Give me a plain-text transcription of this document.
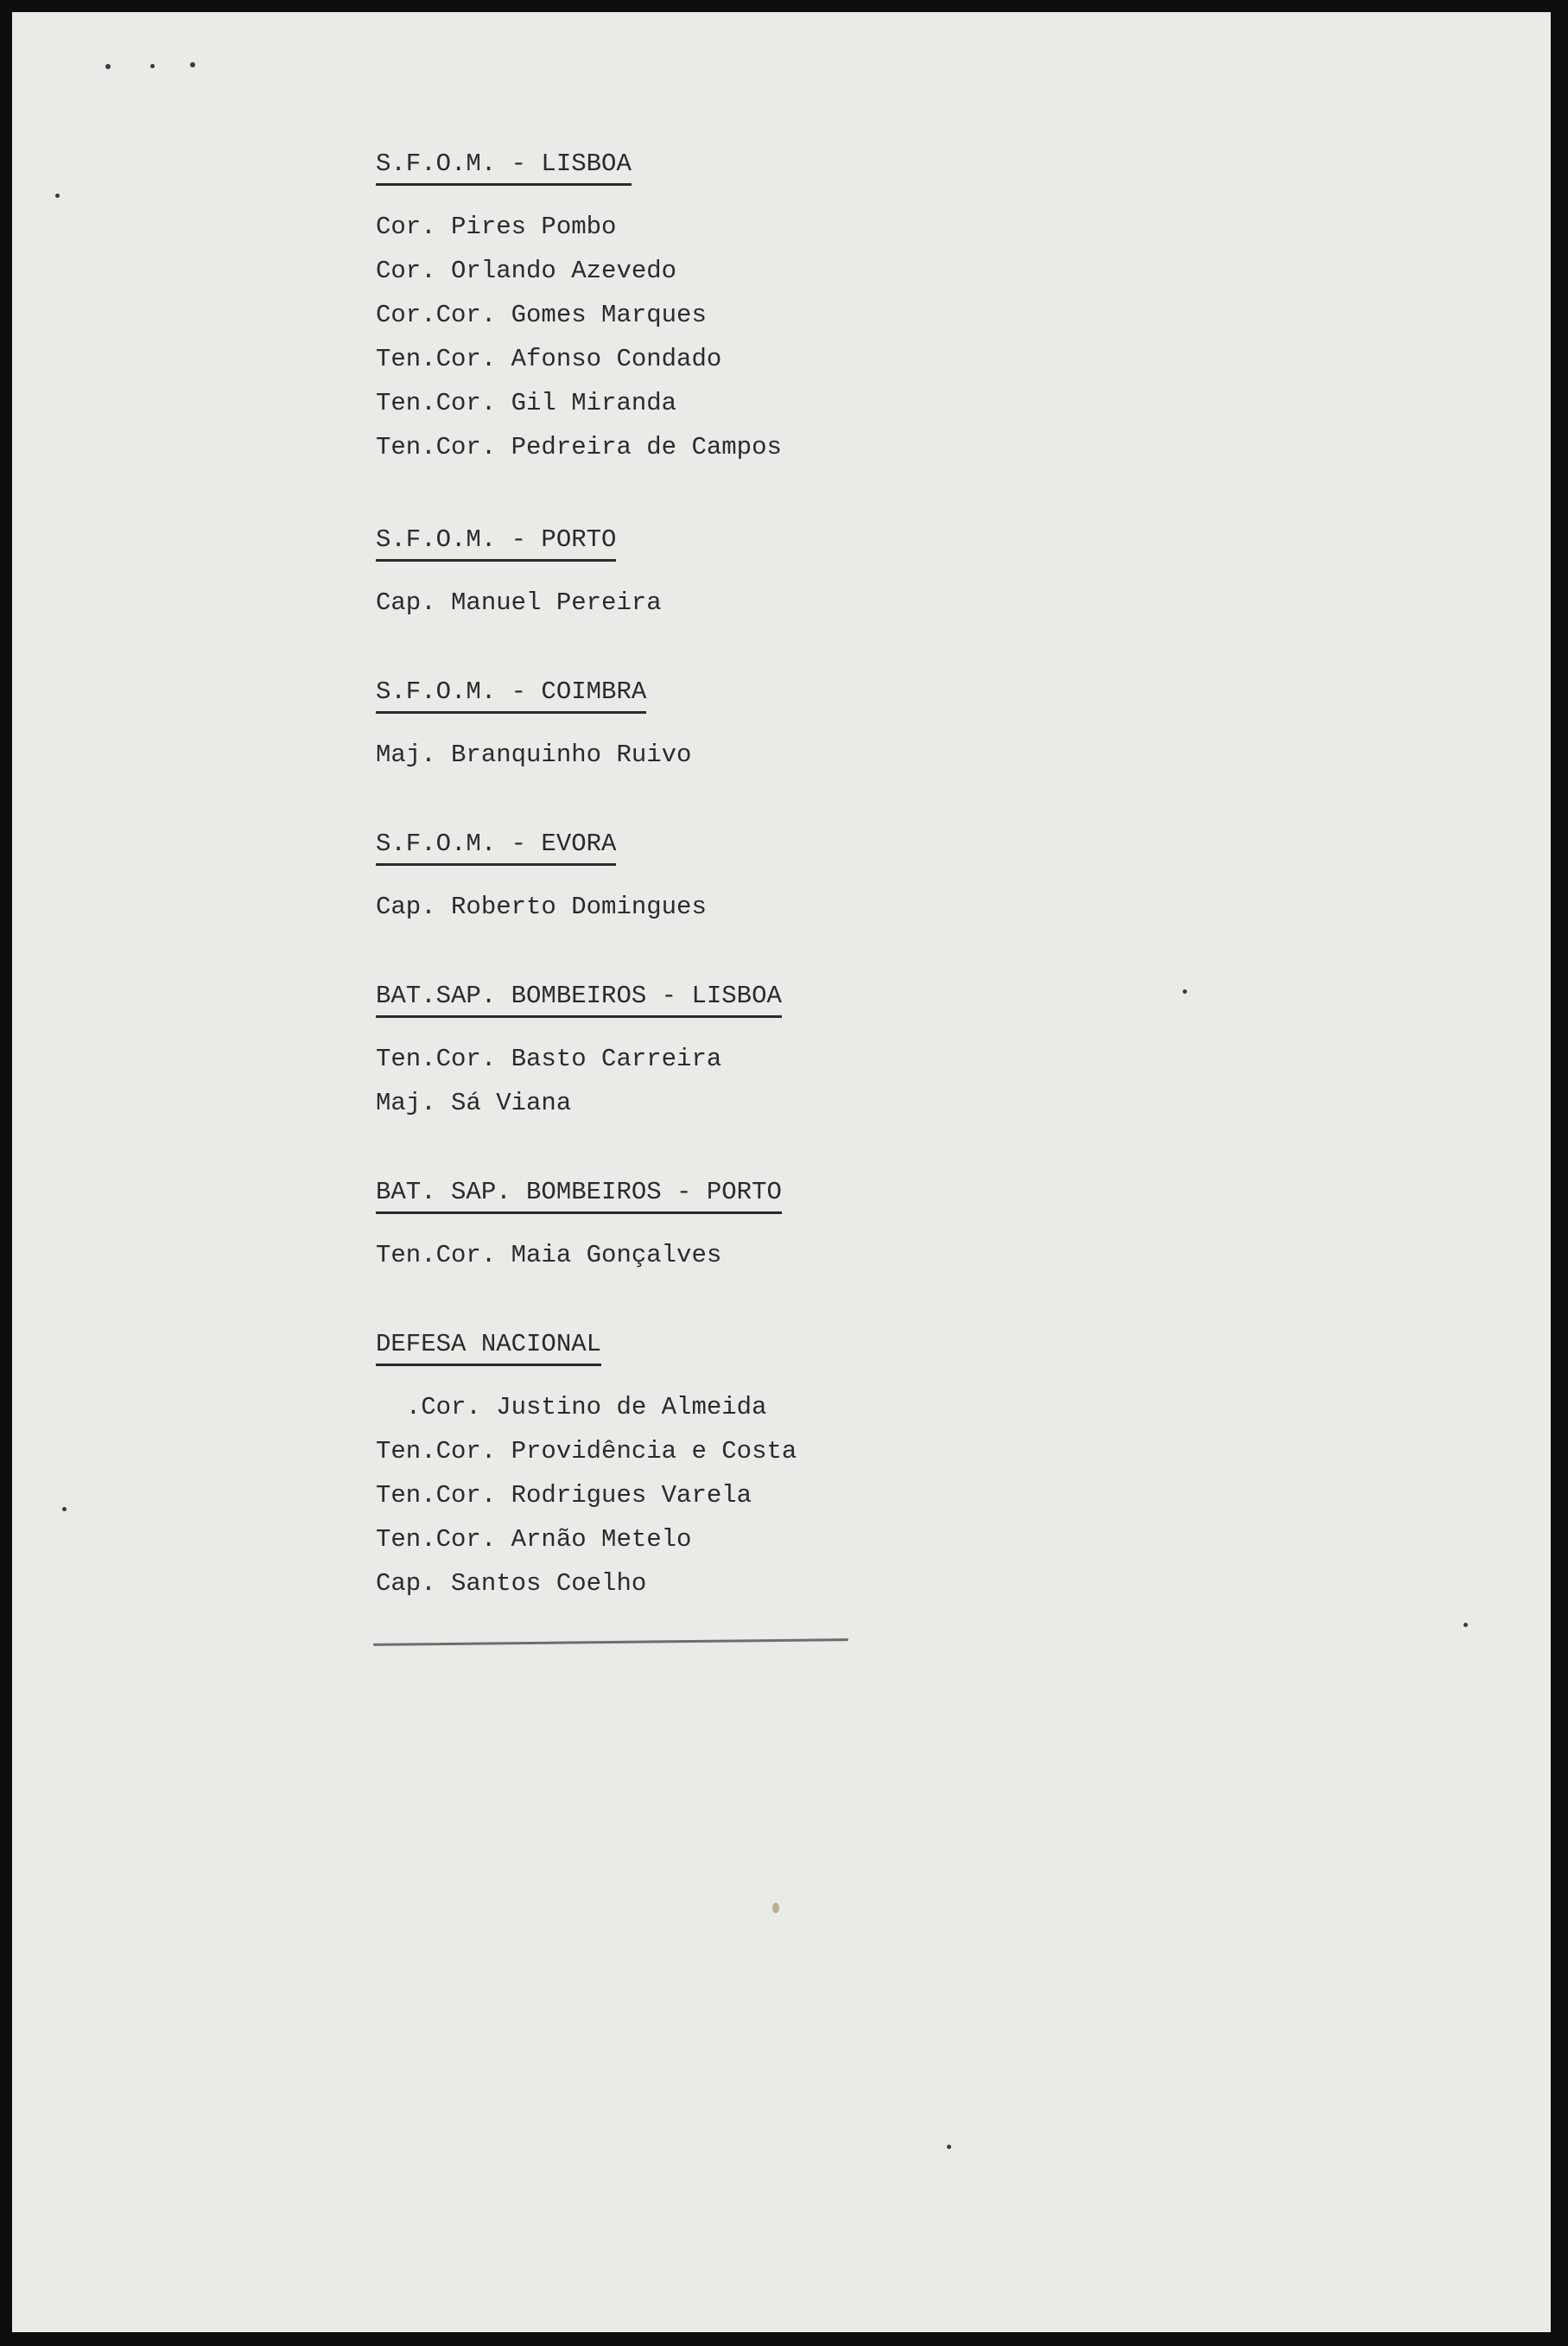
S.F.O.M. - LISBOA
Cor. Pires Pombo
Cor. Orlando Azevedo
Cor.Cor. Gomes Marques
Ten.Cor. Afonso Condado
Ten.Cor. Gil Miranda
Ten.Cor. Pedreira de Campos
S.F.O.M. - PORTO
Cap. Manuel Pereira
S.F.O.M. - COIMBRA
Maj. Branquinho Ruivo
S.F.O.M. - EVORA
Cap. Roberto Domingues
BAT.SAP. BOMBEIROS - LISBOA
Ten.Cor. Basto Carreira
Maj. Sá Viana
BAT. SAP. BOMBEIROS - PORTO
Ten.Cor. Maia Gonçalves
DEFESA NACIONAL
.Cor. Justino de Almeida
Ten.Cor. Providência e Costa
Ten.Cor. Rodrigues Varela
Ten.Cor. Arnão Metelo
Cap. Santos Coelho
